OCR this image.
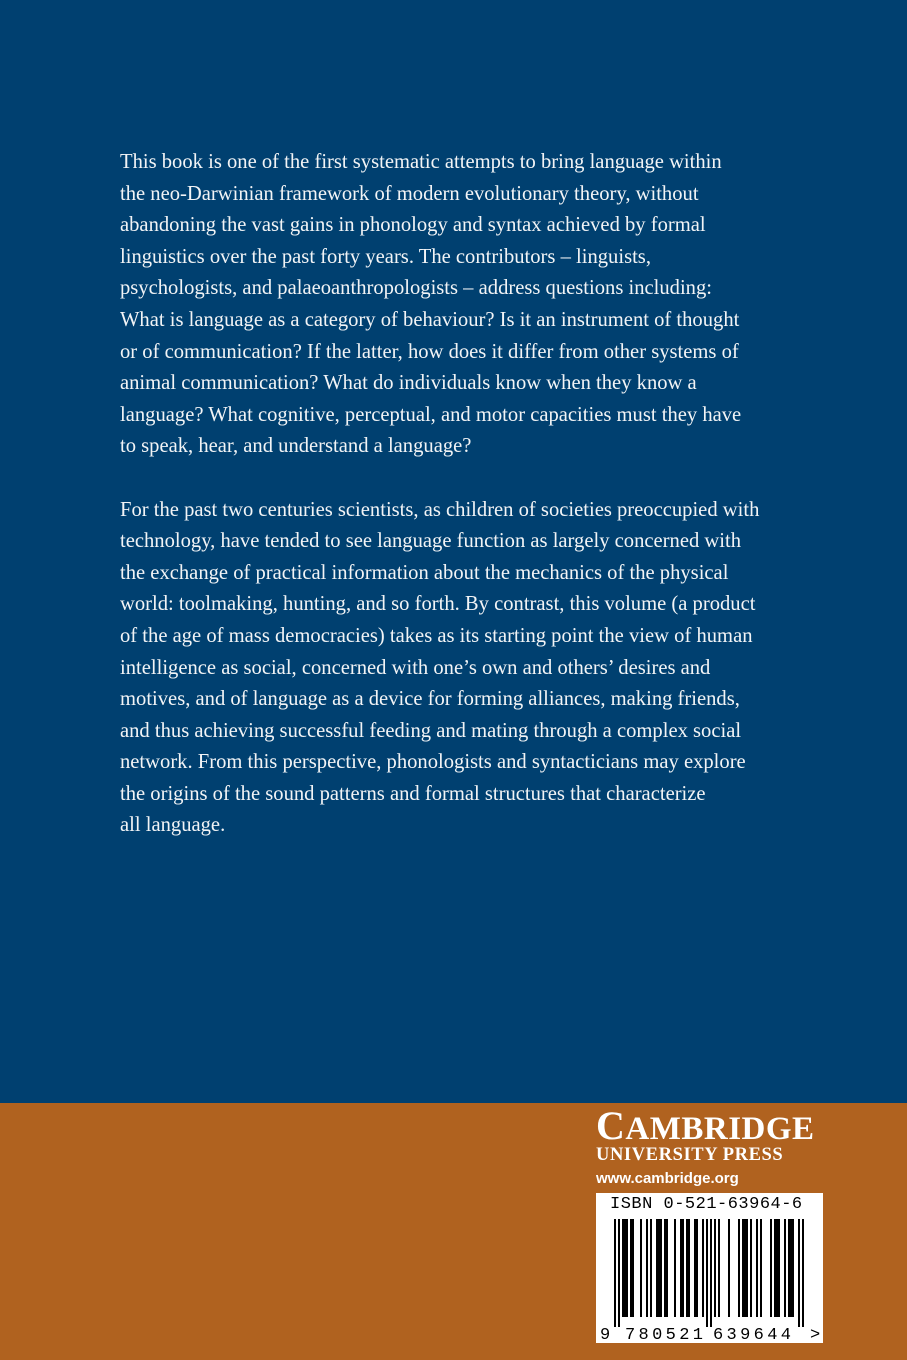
This book is one of the first systematic attempts to bring language within
the neo-Darwinian framework of modern evolutionary theory, without
abandoning the vast gains in phonology and syntax achieved by formal
linguistics over the past forty years. The contributors – linguists,
psychologists, and palaeoanthropologists – address questions including:
What is language as a category of behaviour? Is it an instrument of thought
or of communication? If the latter, how does it differ from other systems of
animal communication? What do individuals know when they know a
language? What cognitive, perceptual, and motor capacities must they have
to speak, hear, and understand a language?

For the past two centuries scientists, as children of societies preoccupied with
technology, have tended to see language function as largely concerned with
the exchange of practical information about the mechanics of the physical
world: toolmaking, hunting, and so forth. By contrast, this volume (a product
of the age of mass democracies) takes as its starting point the view of human
intelligence as social, concerned with one’s own and others’ desires and
motives, and of language as a device for forming alliances, making friends,
and thus achieving successful feeding and mating through a complex social
network. From this perspective, phonologists and syntacticians may explore
the origins of the sound patterns and formal structures that characterize
all language.

CAMBRIDGE
UNIVERSITY PRESS
www.cambridge.org
9 780521 639644 >
ISBN 0-521-63964-6
